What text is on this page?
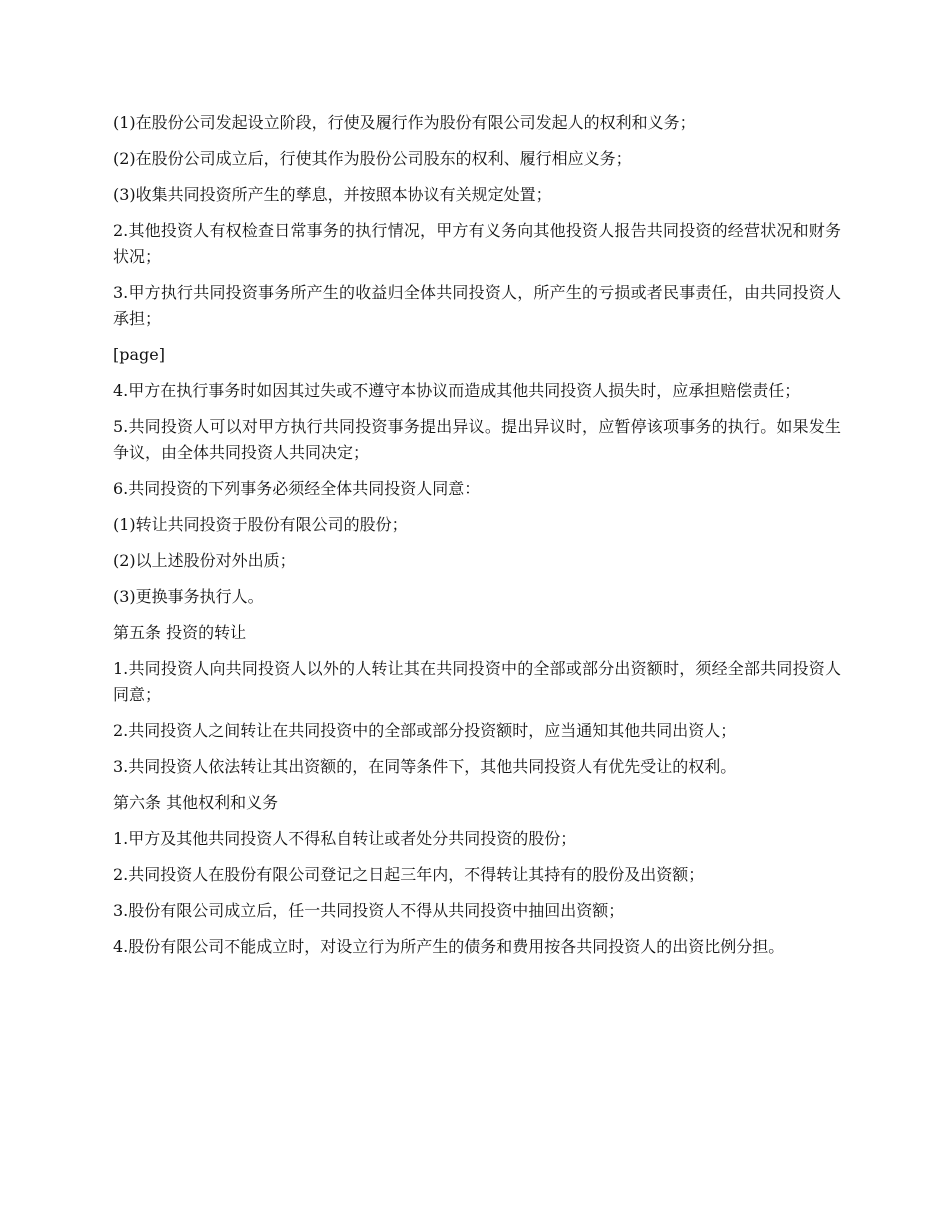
(1)在股份公司发起设立阶段，行使及履行作为股份有限公司发起人的权利和义务；

(2)在股份公司成立后，行使其作为股份公司股东的权利、履行相应义务；

(3)收集共同投资所产生的孳息，并按照本协议有关规定处置；

2.其他投资人有权检查日常事务的执行情况，甲方有义务向其他投资人报告共同投资的经营状况和财务状况；

3.甲方执行共同投资事务所产生的收益归全体共同投资人，所产生的亏损或者民事责任，由共同投资人承担；

[page]

4.甲方在执行事务时如因其过失或不遵守本协议而造成其他共同投资人损失时，应承担赔偿责任；

5.共同投资人可以对甲方执行共同投资事务提出异议。提出异议时，应暂停该项事务的执行。如果发生争议，由全体共同投资人共同决定；

6.共同投资的下列事务必须经全体共同投资人同意：

(1)转让共同投资于股份有限公司的股份；

(2)以上述股份对外出质；

(3)更换事务执行人。

第五条 投资的转让

1.共同投资人向共同投资人以外的人转让其在共同投资中的全部或部分出资额时，须经全部共同投资人同意；

2.共同投资人之间转让在共同投资中的全部或部分投资额时，应当通知其他共同出资人；

3.共同投资人依法转让其出资额的，在同等条件下，其他共同投资人有优先受让的权利。

第六条 其他权利和义务

1.甲方及其他共同投资人不得私自转让或者处分共同投资的股份；

2.共同投资人在股份有限公司登记之日起三年内，不得转让其持有的股份及出资额；

3.股份有限公司成立后，任一共同投资人不得从共同投资中抽回出资额；

4.股份有限公司不能成立时，对设立行为所产生的债务和费用按各共同投资人的出资比例分担。
